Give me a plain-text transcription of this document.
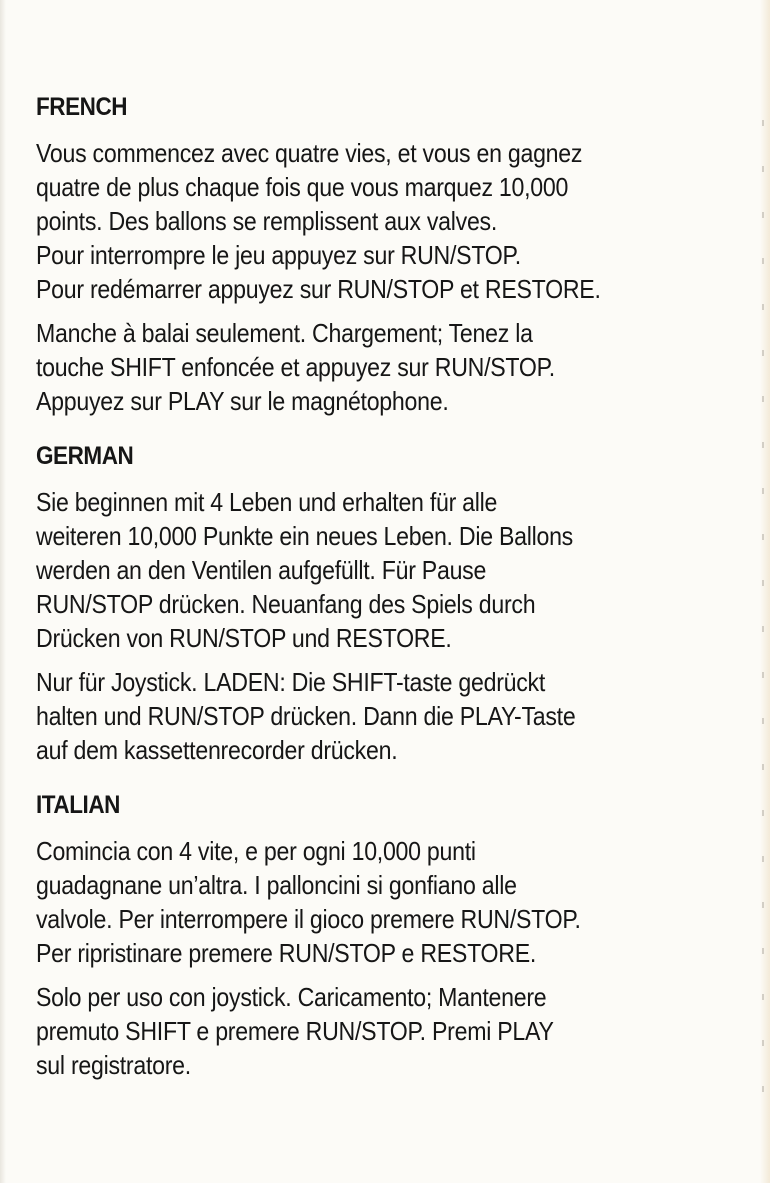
FRENCH
Vous commencez avec quatre vies, et vous en gagnez
quatre de plus chaque fois que vous marquez 10,000
points. Des ballons se remplissent aux valves.
Pour interrompre le jeu appuyez sur RUN/STOP.
Pour redémarrer appuyez sur RUN/STOP et RESTORE.
Manche à balai seulement. Chargement; Tenez la
touche SHIFT enfoncée et appuyez sur RUN/STOP.
Appuyez sur PLAY sur le magnétophone.
GERMAN
Sie beginnen mit 4 Leben und erhalten für alle
weiteren 10,000 Punkte ein neues Leben. Die Ballons
werden an den Ventilen aufgefüllt. Für Pause
RUN/STOP drücken. Neuanfang des Spiels durch
Drücken von RUN/STOP und RESTORE.
Nur für Joystick. LADEN: Die SHIFT-taste gedrückt
halten und RUN/STOP drücken. Dann die PLAY-Taste
auf dem kassettenrecorder drücken.
ITALIAN
Comincia con 4 vite, e per ogni 10,000 punti
guadagnane un’altra. I palloncini si gonfiano alle
valvole. Per interrompere il gioco premere RUN/STOP.
Per ripristinare premere RUN/STOP e RESTORE.
Solo per uso con joystick. Caricamento; Mantenere
premuto SHIFT e premere RUN/STOP. Premi PLAY
sul registratore.
